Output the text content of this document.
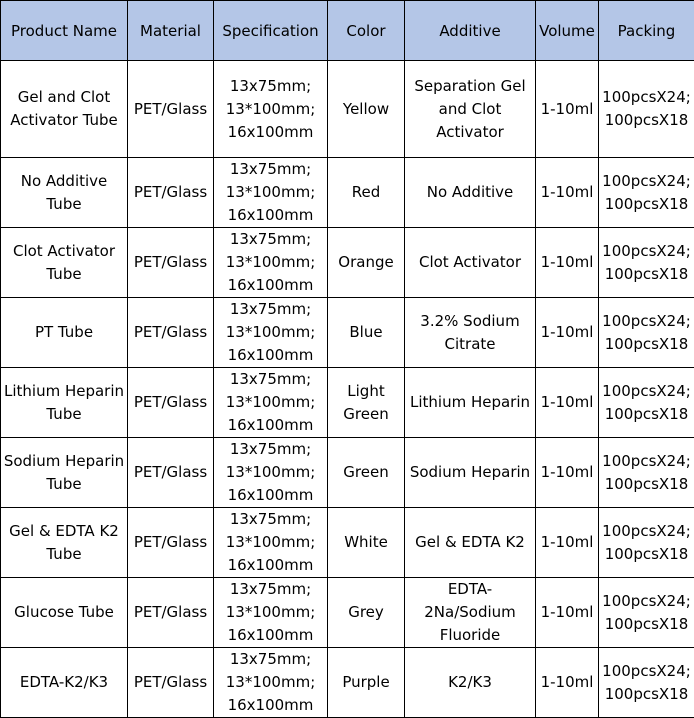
Product Name	Material	Specification	Color	Additive	Volume	Packing

Gel and Clot
Activator Tube	PET/Glass	13x75mm;
13*100mm;
16x100mm	Yellow	Separation Gel
and Clot
Activator	1-10ml	100pcsX24;
100pcsX18

No Additive
Tube	PET/Glass	13x75mm;
13*100mm;
16x100mm	Red	No Additive	1-10ml	100pcsX24;
100pcsX18

Clot Activator
Tube	PET/Glass	13x75mm;
13*100mm;
16x100mm	Orange	Clot Activator	1-10ml	100pcsX24;
100pcsX18

PT Tube	PET/Glass	13x75mm;
13*100mm;
16x100mm	Blue	3.2% Sodium
Citrate	1-10ml	100pcsX24;
100pcsX18

Lithium Heparin
Tube	PET/Glass	13x75mm;
13*100mm;
16x100mm	Light
Green	Lithium Heparin	1-10ml	100pcsX24;
100pcsX18

Sodium Heparin
Tube	PET/Glass	13x75mm;
13*100mm;
16x100mm	Green	Sodium Heparin	1-10ml	100pcsX24;
100pcsX18

Gel & EDTA K2
Tube	PET/Glass	13x75mm;
13*100mm;
16x100mm	White	Gel & EDTA K2	1-10ml	100pcsX24;
100pcsX18

Glucose Tube	PET/Glass	13x75mm;
13*100mm;
16x100mm	Grey	EDTA-
2Na/Sodium
Fluoride	1-10ml	100pcsX24;
100pcsX18

EDTA-K2/K3	PET/Glass	13x75mm;
13*100mm;
16x100mm	Purple	K2/K3	1-10ml	100pcsX24;
100pcsX18
